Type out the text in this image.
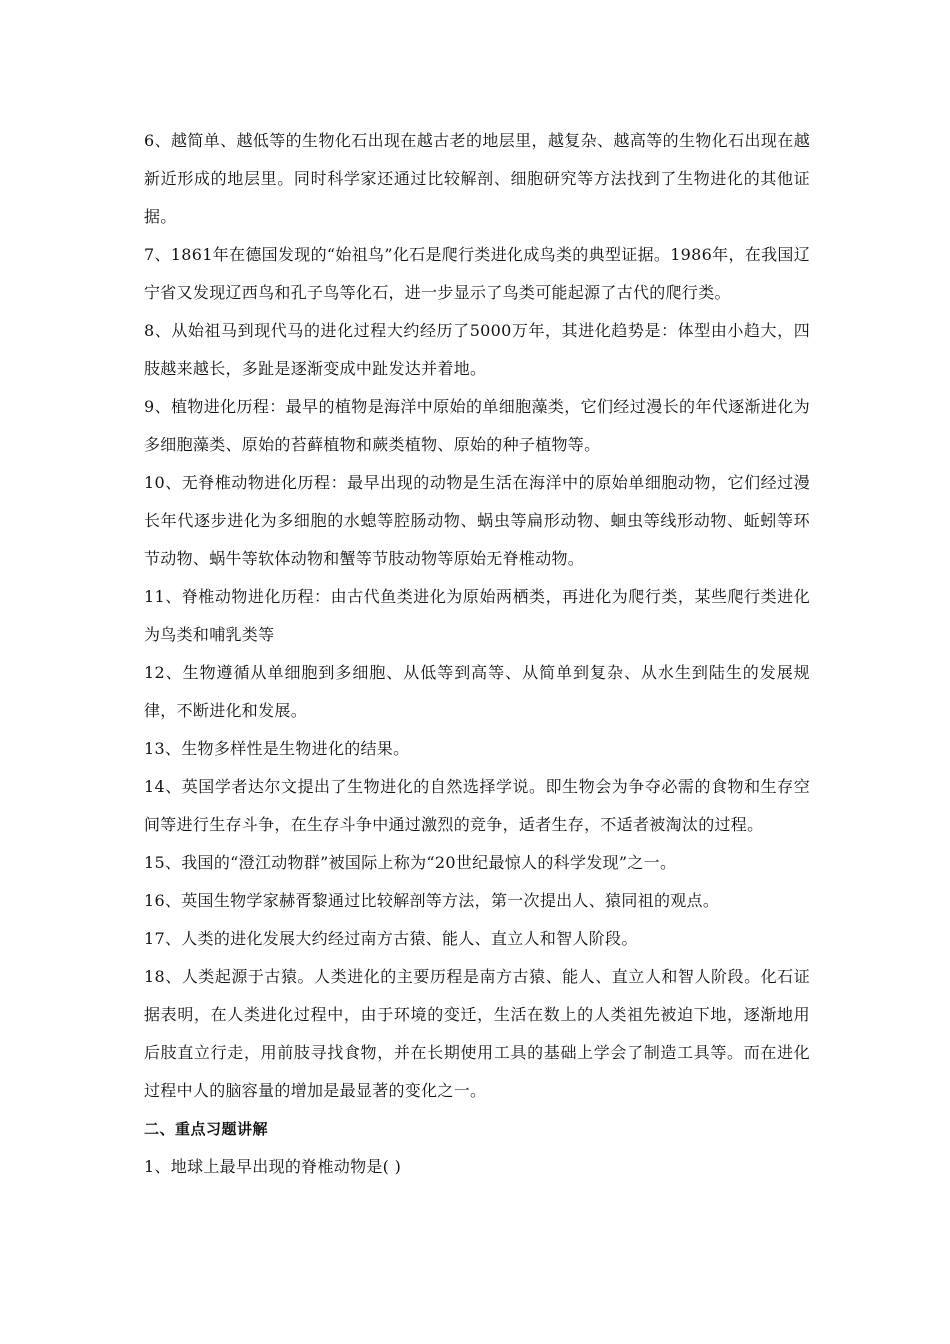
6、越简单、越低等的生物化石出现在越古老的地层里，越复杂、越高等的生物化石出现在越新近形成的地层里。同时科学家还通过比较解剖、细胞研究等方法找到了生物进化的其他证据。

7、1861年在德国发现的“始祖鸟”化石是爬行类进化成鸟类的典型证据。1986年，在我国辽宁省又发现辽西鸟和孔子鸟等化石，进一步显示了鸟类可能起源了古代的爬行类。

8、从始祖马到现代马的进化过程大约经历了5000万年，其进化趋势是：体型由小趋大，四肢越来越长，多趾是逐渐变成中趾发达并着地。

9、植物进化历程：最早的植物是海洋中原始的单细胞藻类，它们经过漫长的年代逐渐进化为多细胞藻类、原始的苔藓植物和蕨类植物、原始的种子植物等。

10、无脊椎动物进化历程：最早出现的动物是生活在海洋中的原始单细胞动物，它们经过漫长年代逐步进化为多细胞的水螅等腔肠动物、蜗虫等扁形动物、蛔虫等线形动物、蚯蚓等环节动物、蜗牛等软体动物和蟹等节肢动物等原始无脊椎动物。

11、脊椎动物进化历程：由古代鱼类进化为原始两栖类，再进化为爬行类，某些爬行类进化为鸟类和哺乳类等

12、生物遵循从单细胞到多细胞、从低等到高等、从简单到复杂、从水生到陆生的发展规律，不断进化和发展。

13、生物多样性是生物进化的结果。

14、英国学者达尔文提出了生物进化的自然选择学说。即生物会为争夺必需的食物和生存空间等进行生存斗争，在生存斗争中通过激烈的竞争，适者生存，不适者被淘汰的过程。

15、我国的“澄江动物群”被国际上称为“20世纪最惊人的科学发现”之一。

16、英国生物学家赫胥黎通过比较解剖等方法，第一次提出人、猿同祖的观点。

17、人类的进化发展大约经过南方古猿、能人、直立人和智人阶段。

18、人类起源于古猿。人类进化的主要历程是南方古猿、能人、直立人和智人阶段。化石证据表明，在人类进化过程中，由于环境的变迁，生活在数上的人类祖先被迫下地，逐渐地用后肢直立行走，用前肢寻找食物，并在长期使用工具的基础上学会了制造工具等。而在进化过程中人的脑容量的增加是最显著的变化之一。

二、重点习题讲解

1、地球上最早出现的脊椎动物是( )
